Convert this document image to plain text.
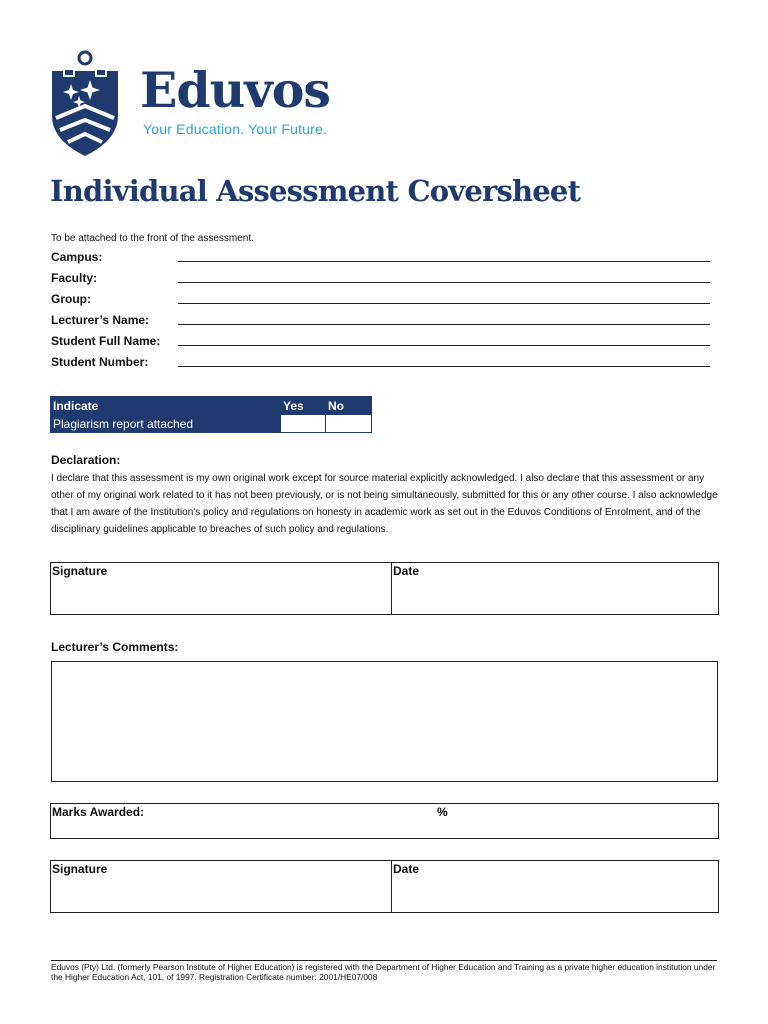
Eduvos
Your Education. Your Future.
Individual Assessment Coversheet
To be attached to the front of the assessment.
Campus:
Faculty:
Group:
Lecturer’s Name:
Student Full Name:
Student Number:
Indicate	Yes	No
Plagiarism report attached		
Declaration:
I declare that this assessment is my own original work except for source material explicitly acknowledged. I also declare that this assessment or any other of my original work related to it has not been previously, or is not being simultaneously, submitted for this or any other course. I also acknowledge that I am aware of the Institution's policy and regulations on honesty in academic work as set out in the Eduvos Conditions of Enrolment, and of the disciplinary guidelines applicable to breaches of such policy and regulations.
Signature	Date
Lecturer’s Comments:
Marks Awarded:	%
Signature	Date
Eduvos (Pty) Ltd. (formerly Pearson Institute of Higher Education) is registered with the Department of Higher Education and Training as a private higher education institution under the Higher Education Act, 101, of 1997. Registration Certificate number: 2001/HE07/008
